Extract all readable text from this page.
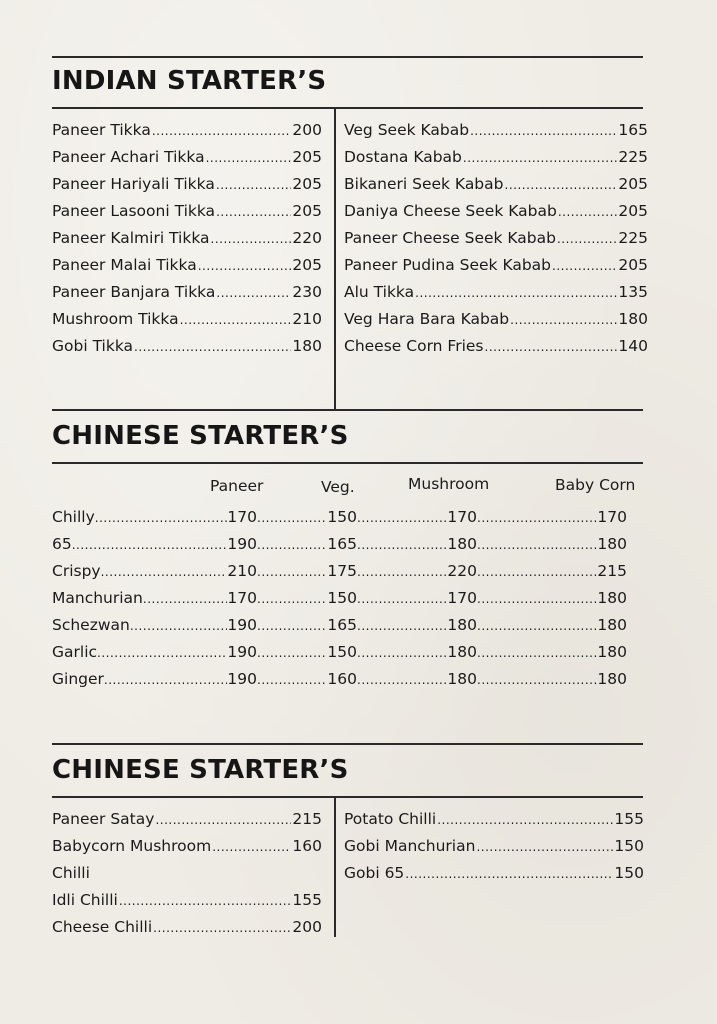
INDIAN STARTER’S
Paneer Tikka .....	200
Paneer Achari Tikka .....	205
Paneer Hariyali Tikka .....	205
Paneer Lasooni Tikka .....	205
Paneer Kalmiri Tikka .....	220
Paneer Malai Tikka .....	205
Paneer Banjara Tikka .....	230
Mushroom Tikka .....	210
Gobi Tikka .....	180
Veg Seek Kabab .....	165
Dostana Kabab .....	225
Bikaneri Seek Kabab .....	205
Daniya Cheese Seek Kabab .....	205
Paneer Cheese Seek Kabab .....	225
Paneer Pudina Seek Kabab .....	205
Alu Tikka .....	135
Veg Hara Bara Kabab .....	180
Cheese Corn Fries .....	140
CHINESE STARTER’S
Paneer	Veg.	Mushroom	Baby Corn
Chilly .....	170 .....	150 .....	170 .....	170
65 .....	190 .....	165 .....	180 .....	180
Crispy .....	210 .....	175 .....	220 .....	215
Manchurian .....	170 .....	150 .....	170 .....	180
Schezwan .....	190 .....	165 .....	180 .....	180
Garlic .....	190 .....	150 .....	180 .....	180
Ginger .....	190 .....	160 .....	180 .....	180
CHINESE STARTER’S
Paneer Satay .....	215
Babycorn Mushroom .....	160
Chilli
Idli Chilli .....	155
Cheese Chilli .....	200
Potato Chilli .....	155
Gobi Manchurian .....	150
Gobi 65 .....	150
